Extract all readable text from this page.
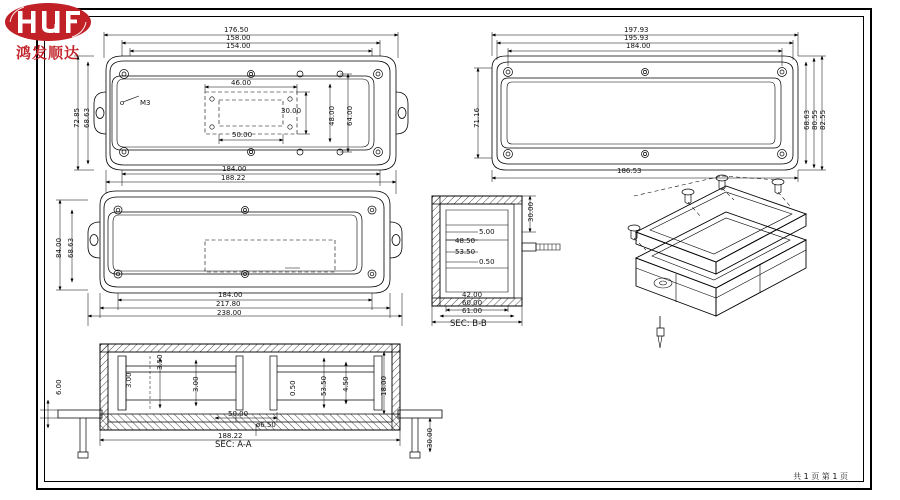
鸿发顺达
176.50
158.00
154.00
46.00
30.00
50.00
64.00
48.00
184.00
188.22
72.85 68.63
M3
197.93
195.93
184.00
71.16	68.63 80.55 82.55
186.53
84.00 68.63
184.00
217.80
238.00
30.00
5.00
48.50
53.50
0.50
42.00
60.00
61.00
SEC: B-B
6.00	3.00
3.50
3.00	0.50	53.50 4.50	18.00
50.00
188.22	30.00
ø6.50
SEC: A-A
共 1 页 第 1 页
